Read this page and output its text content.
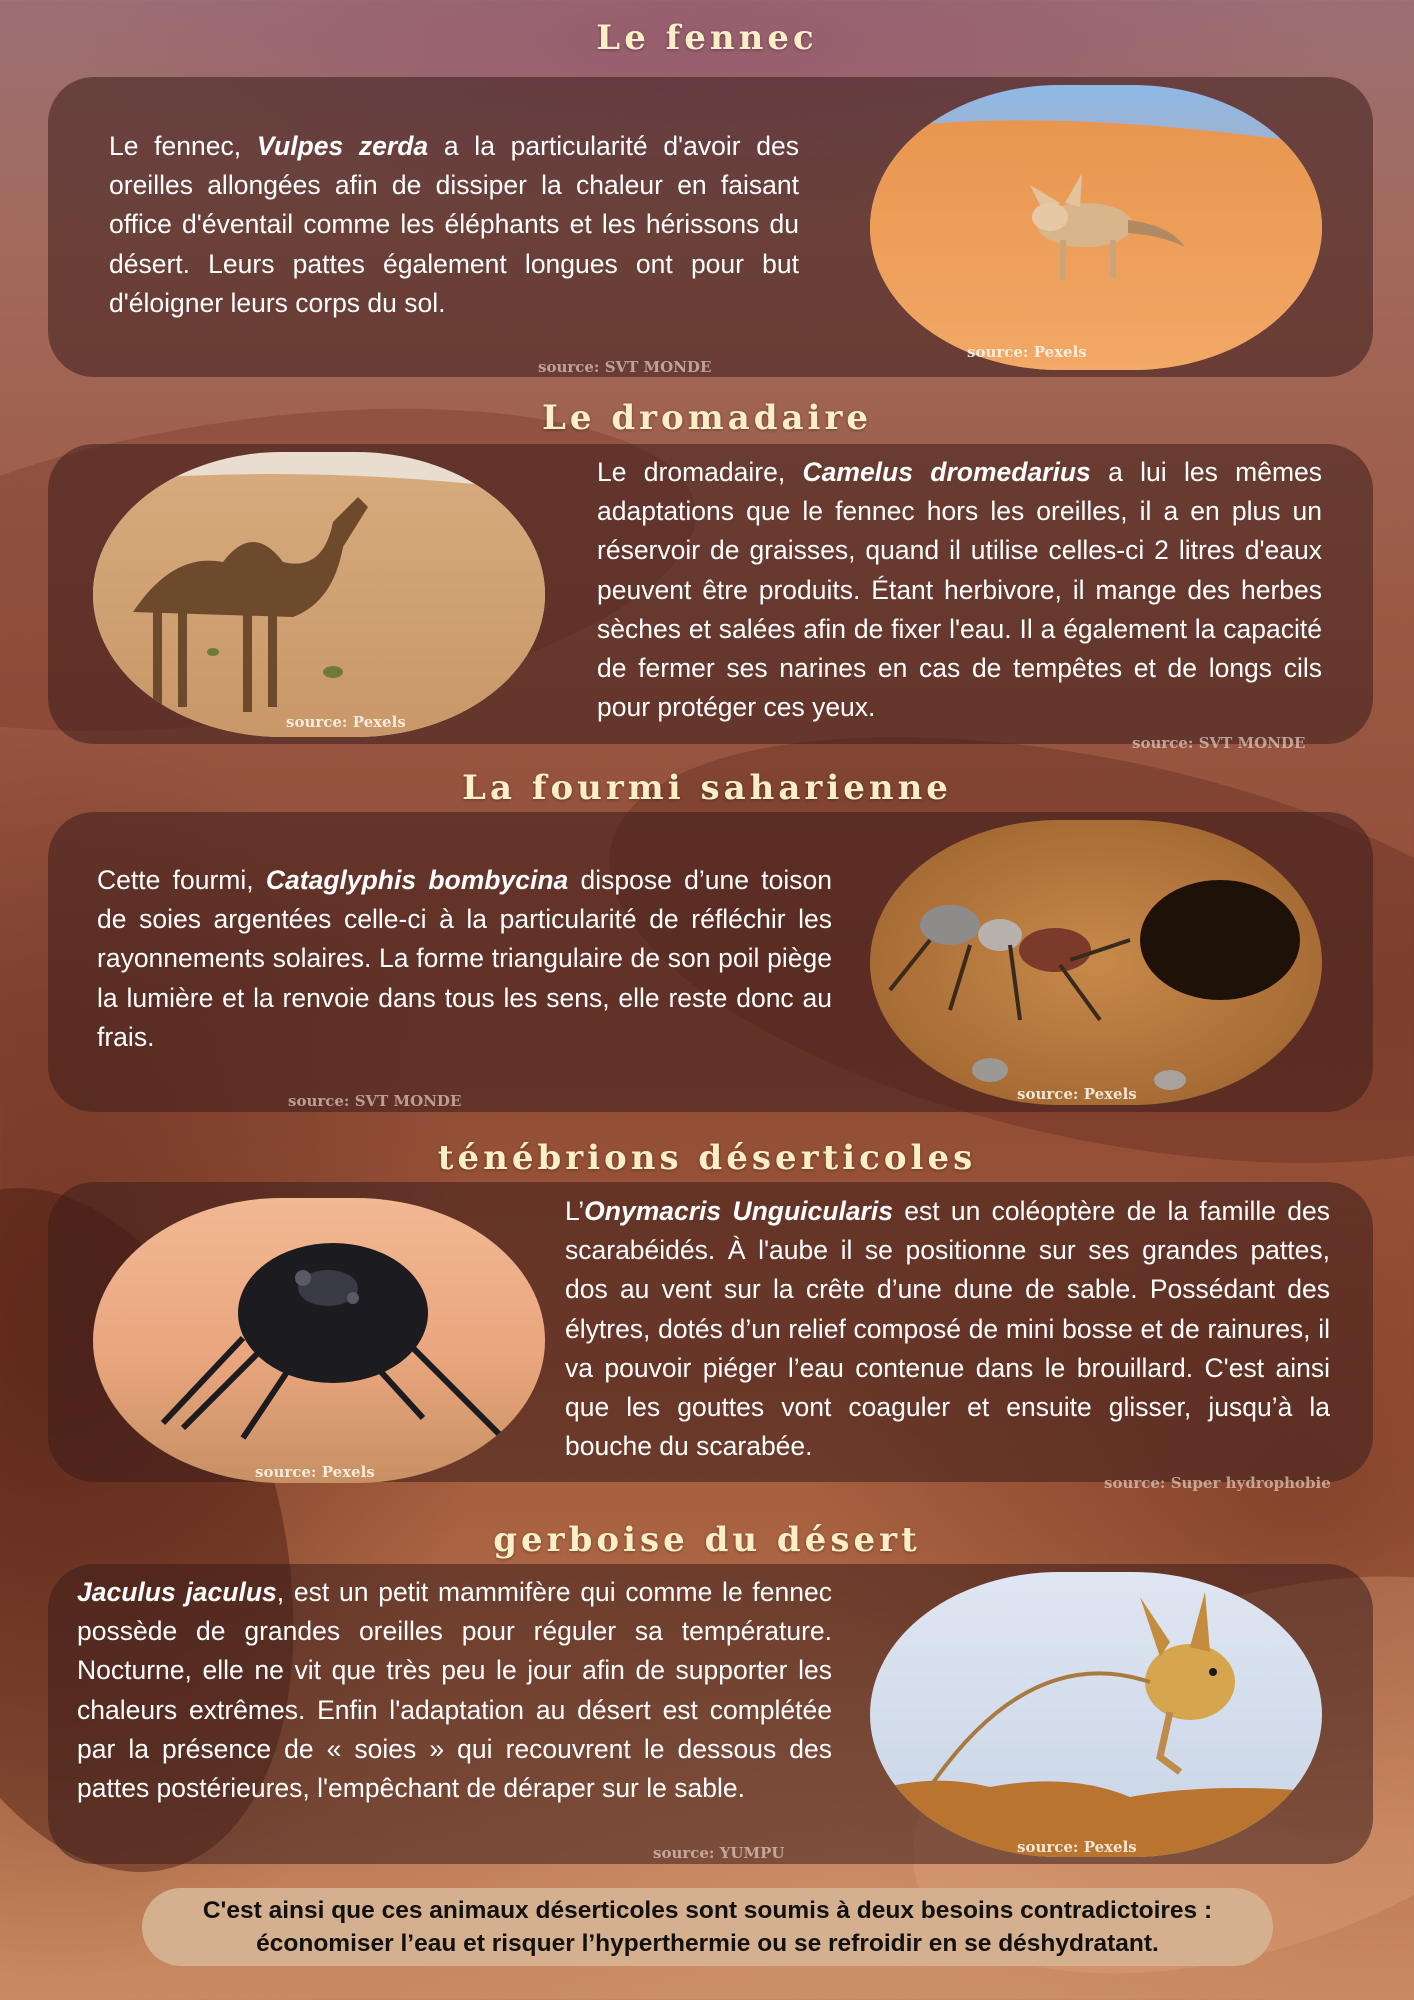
Le fennec
Le fennec, Vulpes zerda a la particularité d'avoir des oreilles allongées afin de dissiper la chaleur en faisant office d'éventail comme les éléphants et les hérissons du désert. Leurs pattes également longues ont pour but d'éloigner leurs corps du sol.
source: Pexels
source: SVT MONDE
Le dromadaire
source: Pexels
Le dromadaire, Camelus dromedarius a lui les mêmes adaptations que le fennec hors les oreilles, il a en plus un réservoir de graisses, quand il utilise celles-ci 2 litres d'eaux peuvent être produits. Étant herbivore, il mange des herbes sèches et salées afin de fixer l'eau. Il a également la capacité de fermer ses narines en cas de tempêtes et de longs cils pour protéger ces yeux.
source: SVT MONDE
La fourmi saharienne
Cette fourmi, Cataglyphis bombycina dispose d’une toison de soies argentées celle-ci à la particularité de réfléchir les rayonnements solaires. La forme triangulaire de son poil piège la lumière et la renvoie dans tous les sens, elle reste donc au frais.
source: Pexels
source: SVT MONDE
ténébrions déserticoles
source: Pexels
L’Onymacris Unguicularis est un coléoptère de la famille des scarabéidés. À l'aube il se positionne sur ses grandes pattes, dos au vent sur la crête d’une dune de sable. Possédant des élytres, dotés d’un relief composé de mini bosse et de rainures, il va pouvoir piéger l’eau contenue dans le brouillard. C'est ainsi que les gouttes vont coaguler et ensuite glisser, jusqu’à la bouche du scarabée.
source: Super hydrophobie
gerboise du désert
Jaculus jaculus, est un petit mammifère qui comme le fennec possède de grandes oreilles pour réguler sa température. Nocturne, elle ne vit que très peu le jour afin de supporter les chaleurs extrêmes. Enfin l'adaptation au désert est complétée par la présence de « soies » qui recouvrent le dessous des pattes postérieures, l'empêchant de déraper sur le sable.
source: Pexels
source: YUMPU
C'est ainsi que ces animaux déserticoles sont soumis à deux besoins contradictoires :
économiser l’eau et risquer l’hyperthermie ou se refroidir en se déshydratant.
